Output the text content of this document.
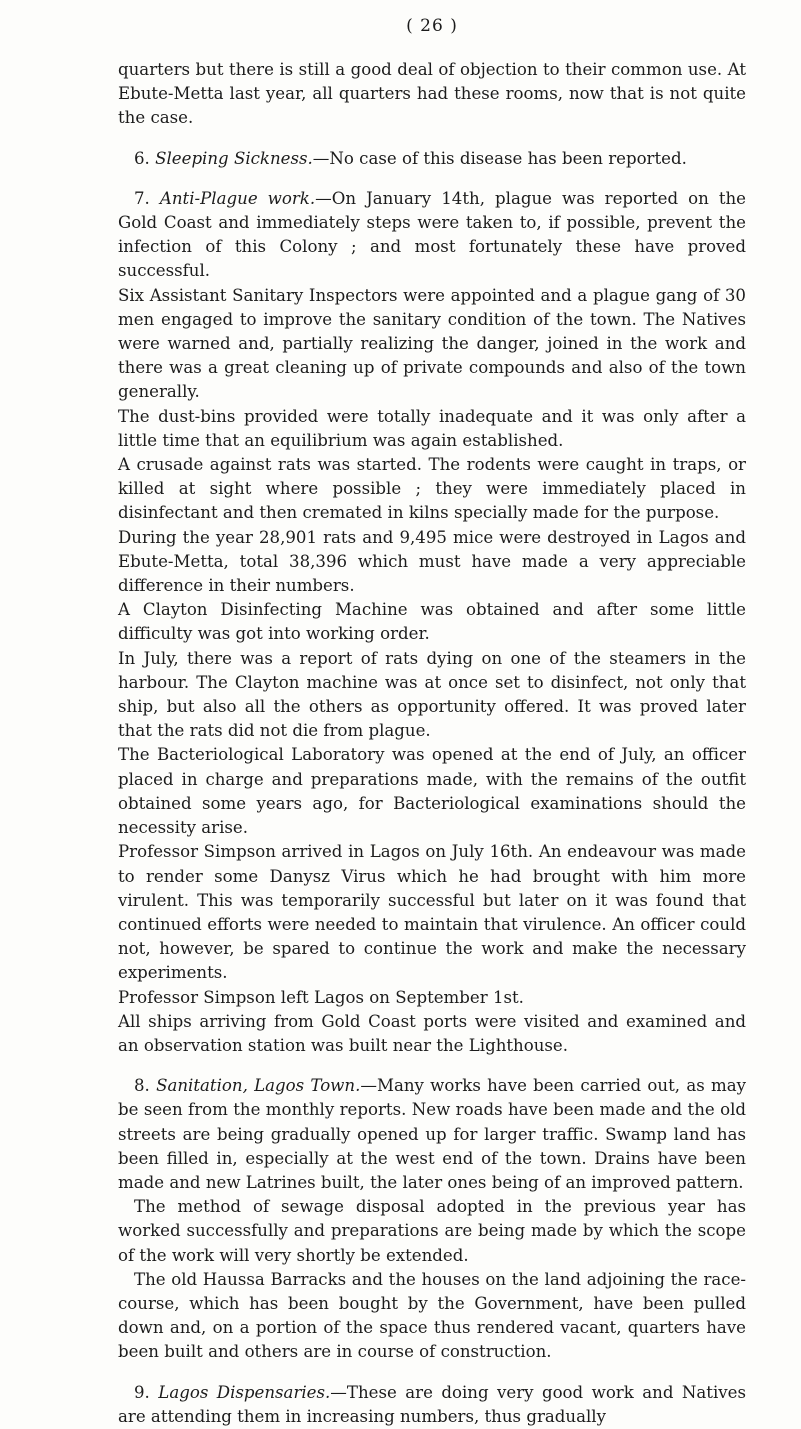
( 26 )

quarters but there is still a good deal of objection to their common use. At Ebute-Metta last year, all quarters had these rooms, now that is not quite the case.

6. Sleeping Sickness.—No case of this disease has been reported.

7. Anti-Plague work.—On January 14th, plague was reported on the Gold Coast and immediately steps were taken to, if possible, prevent the infection of this Colony ; and most fortunately these have proved successful.

Six Assistant Sanitary Inspectors were appointed and a plague gang of 30 men engaged to improve the sanitary condition of the town. The Natives were warned and, partially realizing the danger, joined in the work and there was a great cleaning up of private compounds and also of the town generally.

The dust-bins provided were totally inadequate and it was only after a little time that an equilibrium was again established.

A crusade against rats was started. The rodents were caught in traps, or killed at sight where possible ; they were immediately placed in disinfectant and then cremated in kilns specially made for the purpose.

During the year 28,901 rats and 9,495 mice were destroyed in Lagos and Ebute-Metta, total 38,396 which must have made a very appreciable difference in their numbers.

A Clayton Disinfecting Machine was obtained and after some little difficulty was got into working order.

In July, there was a report of rats dying on one of the steamers in the harbour. The Clayton machine was at once set to disinfect, not only that ship, but also all the others as opportunity offered. It was proved later that the rats did not die from plague.

The Bacteriological Laboratory was opened at the end of July, an officer placed in charge and preparations made, with the remains of the outfit obtained some years ago, for Bacteriological examinations should the necessity arise.

Professor Simpson arrived in Lagos on July 16th. An endeavour was made to render some Danysz Virus which he had brought with him more virulent. This was temporarily successful but later on it was found that continued efforts were needed to maintain that virulence. An officer could not, however, be spared to continue the work and make the necessary experiments.

Professor Simpson left Lagos on September 1st.

All ships arriving from Gold Coast ports were visited and examined and an observation station was built near the Lighthouse.

8. Sanitation, Lagos Town.—Many works have been carried out, as may be seen from the monthly reports. New roads have been made and the old streets are being gradually opened up for larger traffic. Swamp land has been filled in, especially at the west end of the town. Drains have been made and new Latrines built, the later ones being of an improved pattern.

The method of sewage disposal adopted in the previous year has worked successfully and preparations are being made by which the scope of the work will very shortly be extended.

The old Haussa Barracks and the houses on the land adjoining the race-course, which has been bought by the Government, have been pulled down and, on a portion of the space thus rendered vacant, quarters have been built and others are in course of construction.

9. Lagos Dispensaries.—These are doing very good work and Natives are attending them in increasing numbers, thus gradually
